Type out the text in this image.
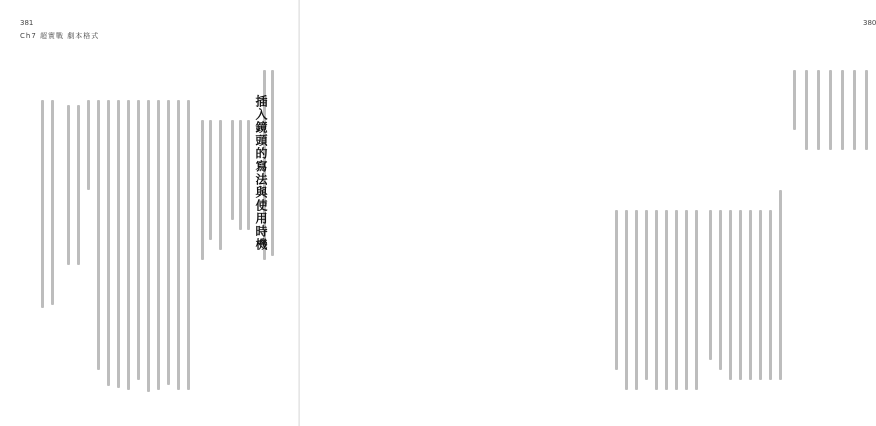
381
Ch7 超實戰 劇本格式
380
插入鏡頭的寫法與使用時機
